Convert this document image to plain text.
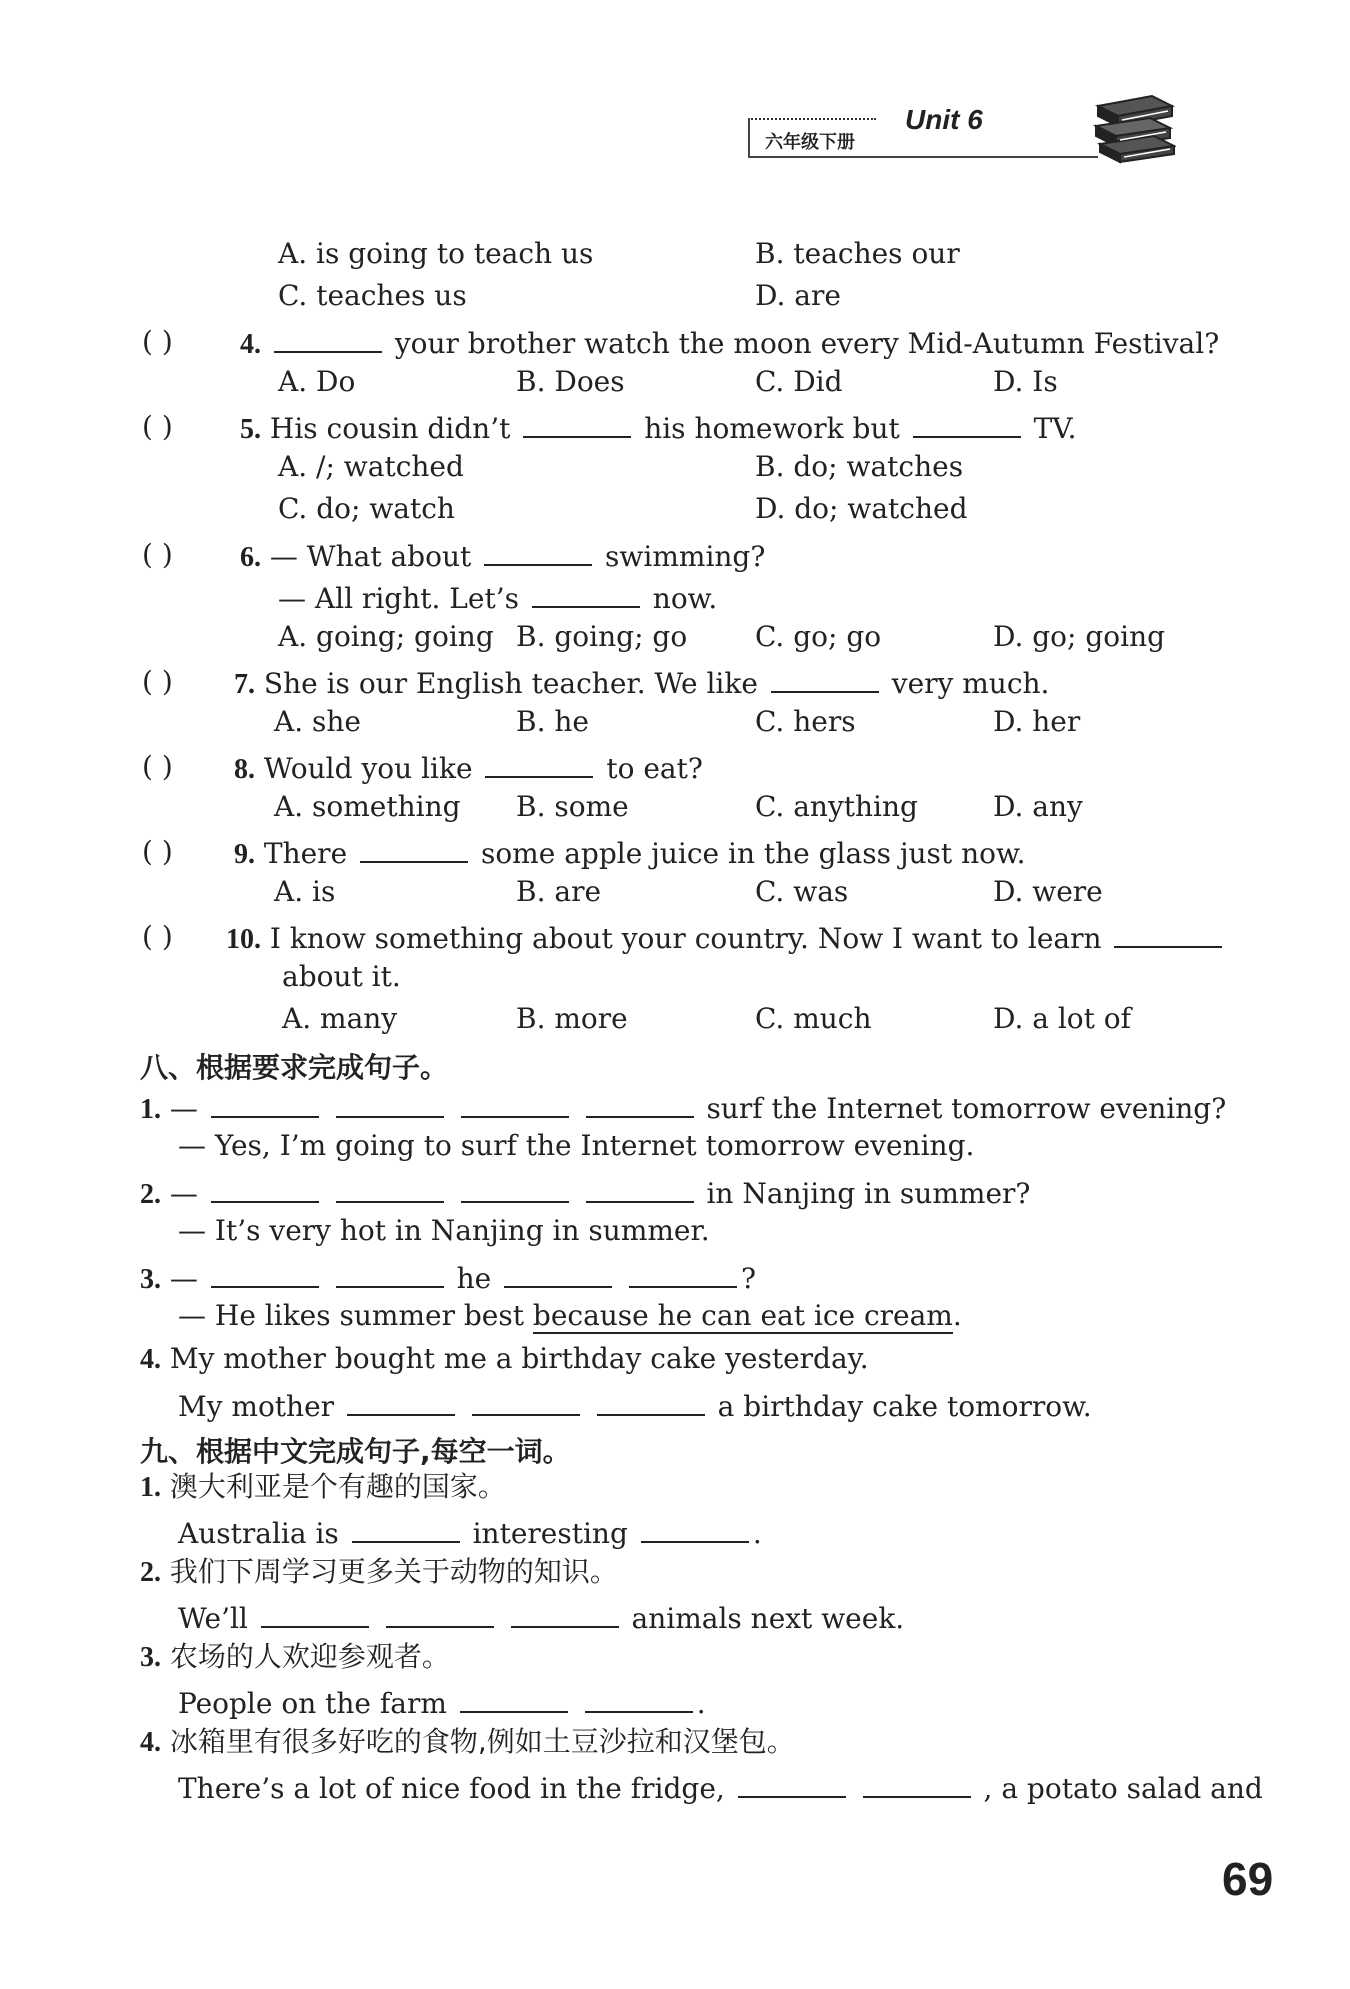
Unit 6
六年级下册
A. is going to teach us	B. teaches our
C. teaches us	D. are
( ) 4.	your brother watch the moon every Mid-Autumn Festival?
A. Do	B. Does	C. Did	D. Is
( ) 5. His cousin didn’t	his homework but	TV.
A. /; watched	B. do; watches
C. do; watch	D. do; watched
( ) 6. — What about	swimming?
— All right. Let’s	now.
A. going; going B. going; go C. go; go	D. go; going
( ) 7. She is our English teacher. We like	very much.
A. she	B. he	C. hers	D. her
( ) 8. Would you like	to eat?
A. something B. some	C. anything	D. any
( ) 9. There	some apple juice in the glass just now.
A. is	B. are	C. was	D. were
( ) 10. I know something about your country. Now I want to learn
about it.
A. many	B. more	C. much	D. a lot of
八、根据要求完成句子。
1. —	surf the Internet tomorrow evening?
— Yes, I’m going to surf the Internet tomorrow evening.
2. —	in Nanjing in summer?
— It’s very hot in Nanjing in summer.
3. —	he	?
— He likes summer best because he can eat ice cream.
4. My mother bought me a birthday cake yesterday.
My mother	a birthday cake tomorrow.
九、根据中文完成句子,每空一词。
1. 澳大利亚是个有趣的国家。
Australia is	interesting	.
2. 我们下周学习更多关于动物的知识。
We’ll	animals next week.
3. 农场的人欢迎参观者。
People on the farm	.
4. 冰箱里有很多好吃的食物,例如土豆沙拉和汉堡包。
There’s a lot of nice food in the fridge,	, a potato salad and
69
